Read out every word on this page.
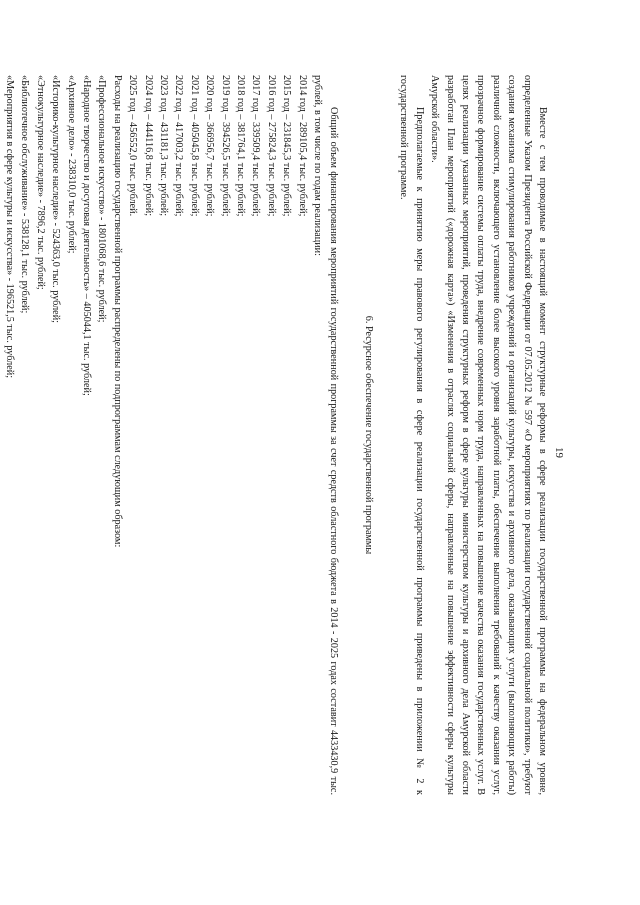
19

Вместе с тем проводимые в настоящий момент структурные реформы в сфере реализации государственной программы на федеральном уровне, определенные Указом Президента Российской Федерации от 07.05.2012 № 597 «О мероприятиях по реализации государственной социальной политики», требуют создания механизма стимулирования работников учреждений и организаций культуры, искусства и архивного дела, оказывающих услуги (выполняющих работы) различной сложности, включающего установление более высокого уровня заработной платы, обеспечение выполнения требований к качеству оказания услуг, прозрачное формирование системы оплаты труда, внедрение современных норм труда, направленных на повышение качества оказания государственных услуг. В целях реализации указанных мероприятий, проведения структурных реформ в сфере культуры министерством культуры и архивного дела Амурской области разработан План мероприятий («дорожная карта») «Изменения в отраслях социальной сферы, направленные на повышение эффективности сферы культуры Амурской области».

Предполагаемые к принятию меры правового регулирования в сфере реализации государственной программы приведены в приложении № 2 к государственной программе.

6. Ресурсное обеспечение государственной программы

Общий объем финансирования мероприятий государственной программы за счет средств областного бюджета в 2014 - 2025 годах составит 4433430,9 тыс. рублей, в том числе по годам реализации:

2014 год – 289105,4 тыс. рублей;

2015 год – 231845,3 тыс. рублей;

2016 год – 275824,3 тыс. рублей;

2017 год – 339509,4 тыс. рублей;

2018 год – 381764,1 тыс. рублей;

2019 год – 394526,5 тыс. рублей;

2020 год – 366956,7 тыс. рублей;

2021 год – 405045,8 тыс. рублей;

2022 год – 417003,2 тыс. рублей;

2023 год – 431181,3 тыс. рублей;

2024 год – 444116,8 тыс. рублей;

2025 год – 456552,0 тыс. рублей.

Расходы на реализацию государственной программы распределены по подпрограммам следующим образом:

«Профессиональное искусство» - 1801068,6 тыс. рублей;

«Народное творчество и досуговая деятельность» – 405044,1 тыс. рублей;

«Архивное дело» - 238310,0 тыс. рублей;

«Историко-культурное наследие» - 524363,0 тыс. рублей;

«Этнокультурное наследие» - 7896,2 тыс. рублей;

«Библиотечное обслуживание» - 538128,1 тыс. рублей;

«Мероприятия в сфере культуры и искусства» - 196521,5 тыс. рублей;
